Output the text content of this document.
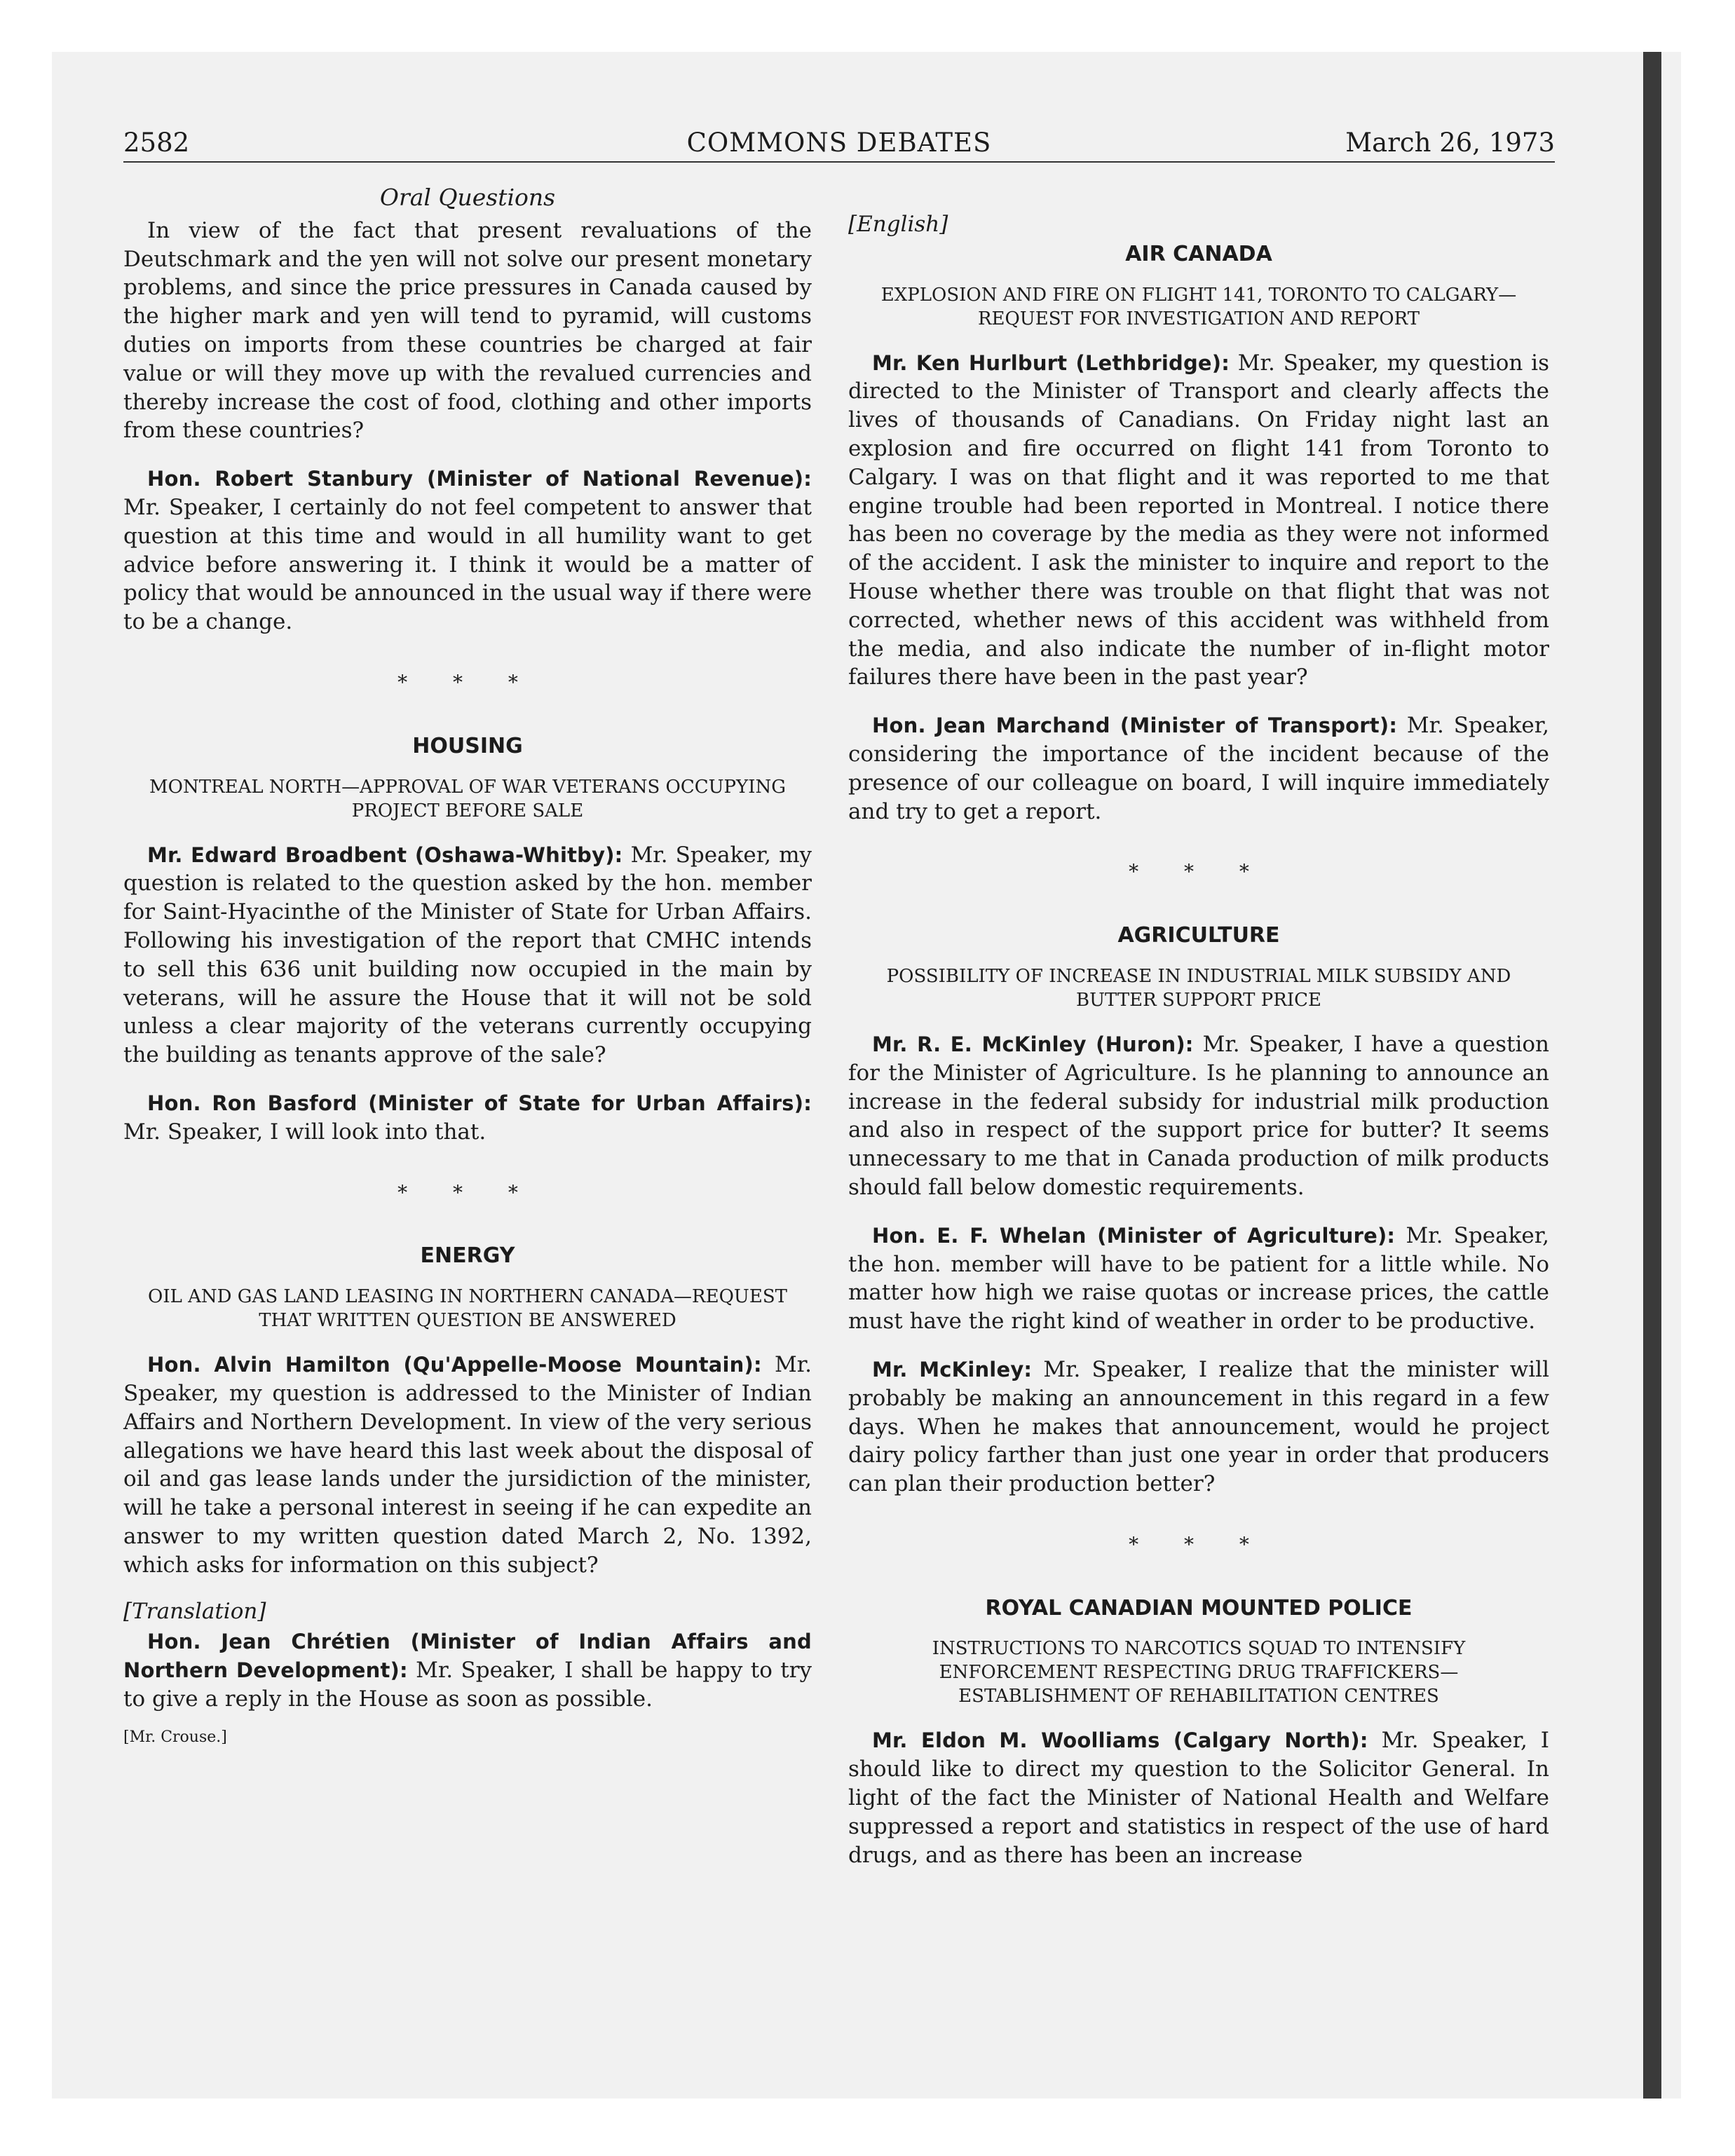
2582	COMMONS DEBATES	March 26, 1973
Oral Questions

In view of the fact that present revaluations of the Deutschmark and the yen will not solve our present monetary problems, and since the price pressures in Canada caused by the higher mark and yen will tend to pyramid, will customs duties on imports from these countries be charged at fair value or will they move up with the revalued currencies and thereby increase the cost of food, clothing and other imports from these countries?

Hon. Robert Stanbury (Minister of National Revenue): Mr. Speaker, I certainly do not feel competent to answer that question at this time and would in all humility want to get advice before answering it. I think it would be a matter of policy that would be announced in the usual way if there were to be a change.

* * *
HOUSING
MONTREAL NORTH—APPROVAL OF WAR VETERANS OCCUPYING PROJECT BEFORE SALE

Mr. Edward Broadbent (Oshawa-Whitby): Mr. Speaker, my question is related to the question asked by the hon. member for Saint-Hyacinthe of the Minister of State for Urban Affairs. Following his investigation of the report that CMHC intends to sell this 636 unit building now occupied in the main by veterans, will he assure the House that it will not be sold unless a clear majority of the veterans currently occupying the building as tenants approve of the sale?

Hon. Ron Basford (Minister of State for Urban Affairs): Mr. Speaker, I will look into that.

* * *
ENERGY
OIL AND GAS LAND LEASING IN NORTHERN CANADA—REQUEST THAT WRITTEN QUESTION BE ANSWERED

Hon. Alvin Hamilton (Qu'Appelle-Moose Mountain): Mr. Speaker, my question is addressed to the Minister of Indian Affairs and Northern Development. In view of the very serious allegations we have heard this last week about the disposal of oil and gas lease lands under the jursidiction of the minister, will he take a personal interest in seeing if he can expedite an answer to my written question dated March 2, No. 1392, which asks for information on this subject?

[Translation]

Hon. Jean Chrétien (Minister of Indian Affairs and Northern Development): Mr. Speaker, I shall be happy to try to give a reply in the House as soon as possible.

[Mr. Crouse.]
[English]
AIR CANADA
EXPLOSION AND FIRE ON FLIGHT 141, TORONTO TO CALGARY—REQUEST FOR INVESTIGATION AND REPORT

Mr. Ken Hurlburt (Lethbridge): Mr. Speaker, my question is directed to the Minister of Transport and clearly affects the lives of thousands of Canadians. On Friday night last an explosion and fire occurred on flight 141 from Toronto to Calgary. I was on that flight and it was reported to me that engine trouble had been reported in Montreal. I notice there has been no coverage by the media as they were not informed of the accident. I ask the minister to inquire and report to the House whether there was trouble on that flight that was not corrected, whether news of this accident was withheld from the media, and also indicate the number of in-flight motor failures there have been in the past year?

Hon. Jean Marchand (Minister of Transport): Mr. Speaker, considering the importance of the incident because of the presence of our colleague on board, I will inquire immediately and try to get a report.

* * *
AGRICULTURE
POSSIBILITY OF INCREASE IN INDUSTRIAL MILK SUBSIDY AND BUTTER SUPPORT PRICE

Mr. R. E. McKinley (Huron): Mr. Speaker, I have a question for the Minister of Agriculture. Is he planning to announce an increase in the federal subsidy for industrial milk production and also in respect of the support price for butter? It seems unnecessary to me that in Canada production of milk products should fall below domestic requirements.

Hon. E. F. Whelan (Minister of Agriculture): Mr. Speaker, the hon. member will have to be patient for a little while. No matter how high we raise quotas or increase prices, the cattle must have the right kind of weather in order to be productive.

Mr. McKinley: Mr. Speaker, I realize that the minister will probably be making an announcement in this regard in a few days. When he makes that announcement, would he project dairy policy farther than just one year in order that producers can plan their production better?

* * *
ROYAL CANADIAN MOUNTED POLICE
INSTRUCTIONS TO NARCOTICS SQUAD TO INTENSIFY ENFORCEMENT RESPECTING DRUG TRAFFICKERS—ESTABLISHMENT OF REHABILITATION CENTRES

Mr. Eldon M. Woolliams (Calgary North): Mr. Speaker, I should like to direct my question to the Solicitor General. In light of the fact the Minister of National Health and Welfare suppressed a report and statistics in respect of the use of hard drugs, and as there has been an increase
